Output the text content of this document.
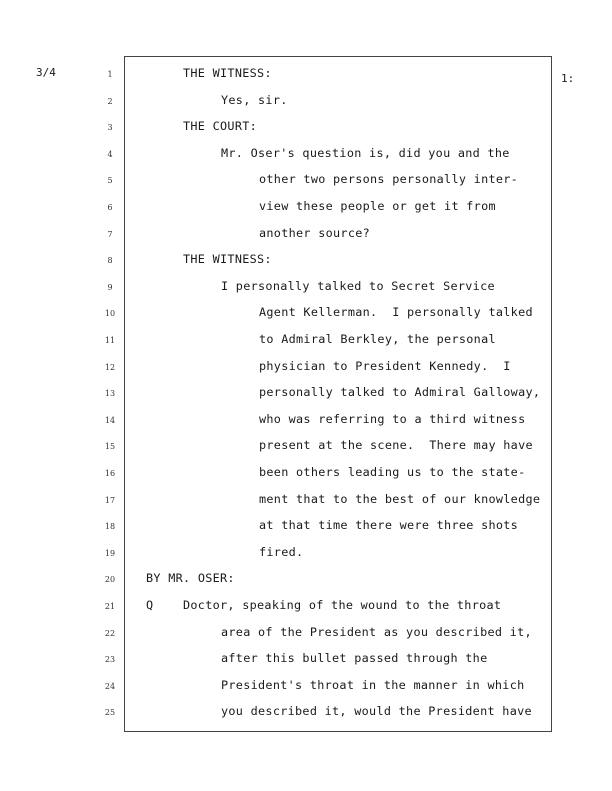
3/4	1:
1	THE WITNESS:
2	Yes, sir.
3	THE COURT:
4	Mr. Oser's question is, did you and the
5	other two persons personally inter-
6	view these people or get it from
7	another source?
8	THE WITNESS:
9	I personally talked to Secret Service
10	Agent Kellerman.  I personally talked
11	to Admiral Berkley, the personal
12	physician to President Kennedy.  I
13	personally talked to Admiral Galloway,
14	who was referring to a third witness
15	present at the scene.  There may have
16	been others leading us to the state-
17	ment that to the best of our knowledge
18	at that time there were three shots
19	fired.
20	BY MR. OSER:
21	Q	Doctor, speaking of the wound to the throat
22	area of the President as you described it,
23	after this bullet passed through the
24	President's throat in the manner in which
25	you described it, would the President have
